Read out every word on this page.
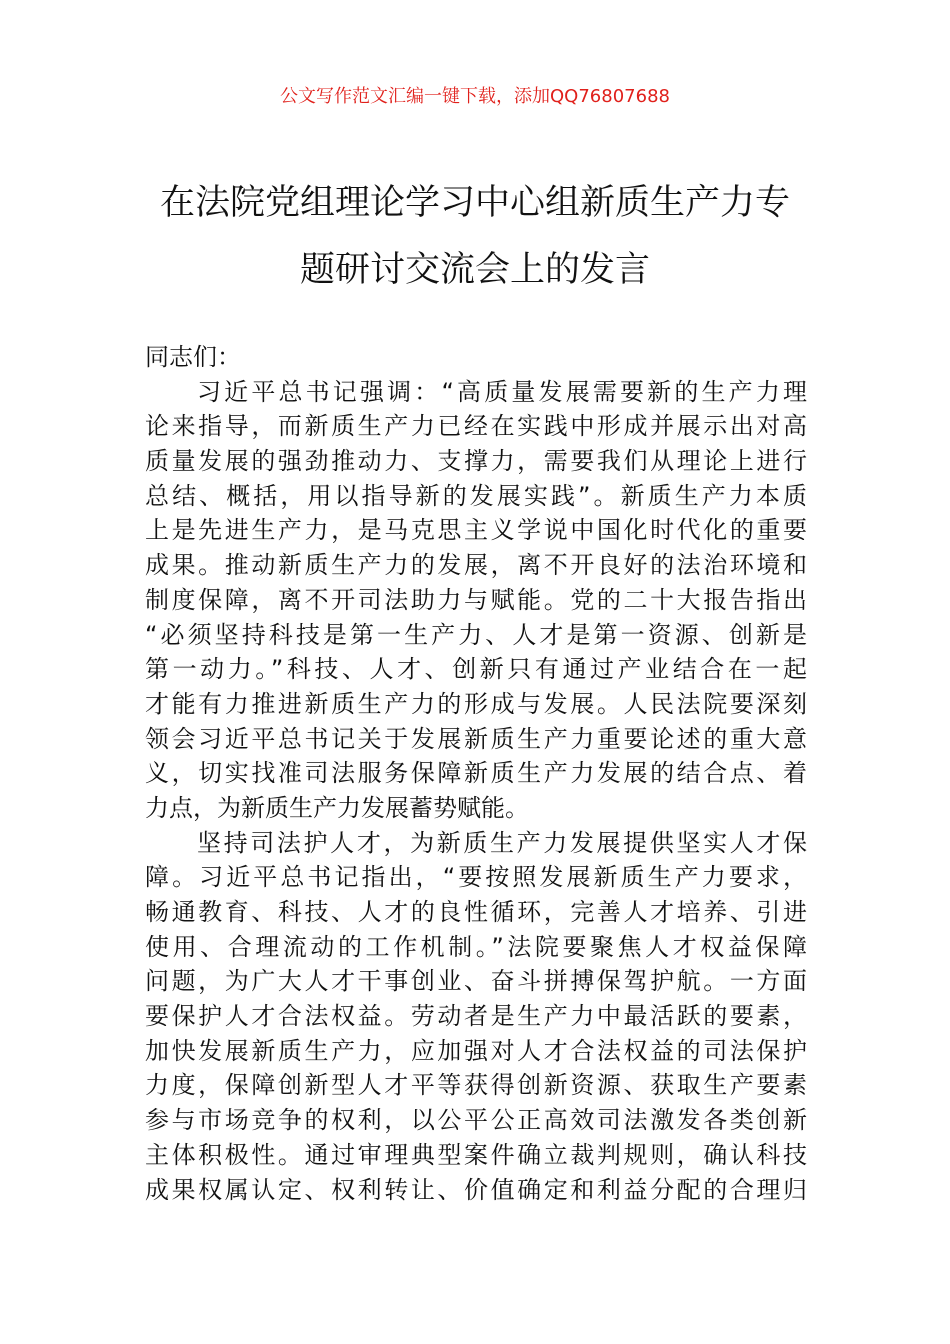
公文写作范文汇编一键下载，添加QQ76807688
在法院党组理论学习中心组新质生产力专
题研讨交流会上的发言
同志们：
习近平总书记强调：“高质量发展需要新的生产力理
论来指导，而新质生产力已经在实践中形成并展示出对高
质量发展的强劲推动力、支撑力，需要我们从理论上进行
总结、概括，用以指导新的发展实践”。新质生产力本质
上是先进生产力，是马克思主义学说中国化时代化的重要
成果。推动新质生产力的发展，离不开良好的法治环境和
制度保障，离不开司法助力与赋能。党的二十大报告指出
“必须坚持科技是第一生产力、人才是第一资源、创新是
第一动力。”科技、人才、创新只有通过产业结合在一起
才能有力推进新质生产力的形成与发展。人民法院要深刻
领会习近平总书记关于发展新质生产力重要论述的重大意
义，切实找准司法服务保障新质生产力发展的结合点、着
力点，为新质生产力发展蓄势赋能。
坚持司法护人才，为新质生产力发展提供坚实人才保
障。习近平总书记指出，“要按照发展新质生产力要求，
畅通教育、科技、人才的良性循环，完善人才培养、引进
使用、合理流动的工作机制。”法院要聚焦人才权益保障
问题，为广大人才干事创业、奋斗拼搏保驾护航。一方面
要保护人才合法权益。劳动者是生产力中最活跃的要素，
加快发展新质生产力，应加强对人才合法权益的司法保护
力度，保障创新型人才平等获得创新资源、获取生产要素
参与市场竞争的权利，以公平公正高效司法激发各类创新
主体积极性。通过审理典型案件确立裁判规则，确认科技
成果权属认定、权利转让、价值确定和利益分配的合理归
